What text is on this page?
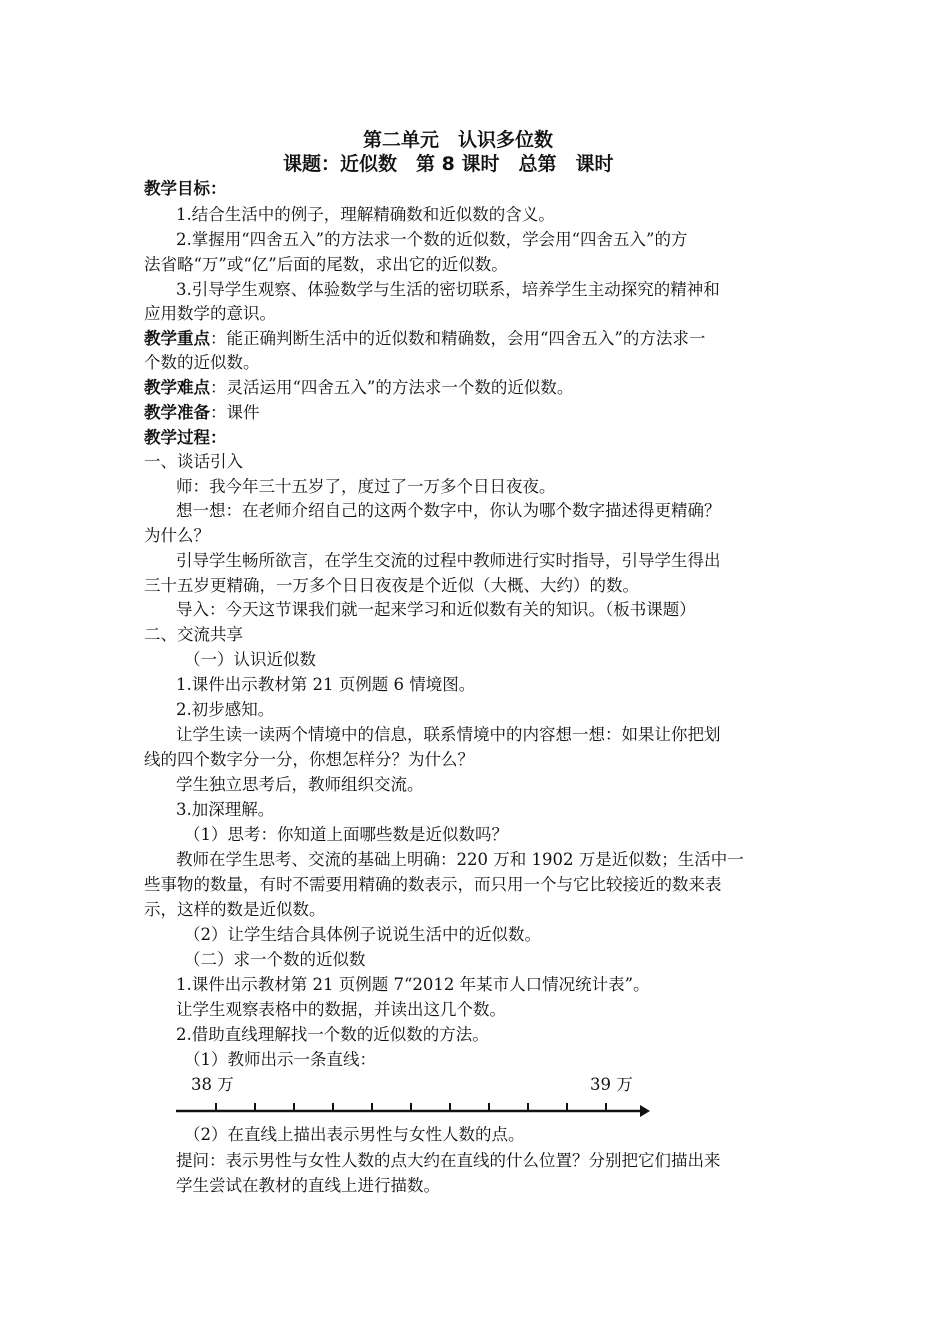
第二单元　认识多位数
课题：近似数　第 8 课时　总第　课时
教学目标：
1.结合生活中的例子，理解精确数和近似数的含义。
2.掌握用“四舍五入”的方法求一个数的近似数，学会用“四舍五入”的方
法省略“万”或“亿”后面的尾数，求出它的近似数。
3.引导学生观察、体验数学与生活的密切联系，培养学生主动探究的精神和
应用数学的意识。
教学重点：能正确判断生活中的近似数和精确数，会用“四舍五入”的方法求一
个数的近似数。
教学难点：灵活运用“四舍五入”的方法求一个数的近似数。
教学准备：课件
教学过程：
一、谈话引入
师：我今年三十五岁了，度过了一万多个日日夜夜。
想一想：在老师介绍自己的这两个数字中，你认为哪个数字描述得更精确？
为什么？
引导学生畅所欲言，在学生交流的过程中教师进行实时指导，引导学生得出
三十五岁更精确，一万多个日日夜夜是个近似（大概、大约）的数。
导入：今天这节课我们就一起来学习和近似数有关的知识。（板书课题）
二、交流共享
（一）认识近似数
1.课件出示教材第 21 页例题 6 情境图。
2.初步感知。
让学生读一读两个情境中的信息，联系情境中的内容想一想：如果让你把划
线的四个数字分一分，你想怎样分？为什么？
学生独立思考后，教师组织交流。
3.加深理解。
（1）思考：你知道上面哪些数是近似数吗？
教师在学生思考、交流的基础上明确：220 万和 1902 万是近似数；生活中一
些事物的数量，有时不需要用精确的数表示，而只用一个与它比较接近的数来表
示，这样的数是近似数。
（2）让学生结合具体例子说说生活中的近似数。
（二）求一个数的近似数
1.课件出示教材第 21 页例题 7“2012 年某市人口情况统计表”。
让学生观察表格中的数据，并读出这几个数。
2.借助直线理解找一个数的近似数的方法。
（1）教师出示一条直线：
38 万	39 万
（2）在直线上描出表示男性与女性人数的点。
提问：表示男性与女性人数的点大约在直线的什么位置？分别把它们描出来
学生尝试在教材的直线上进行描数。
